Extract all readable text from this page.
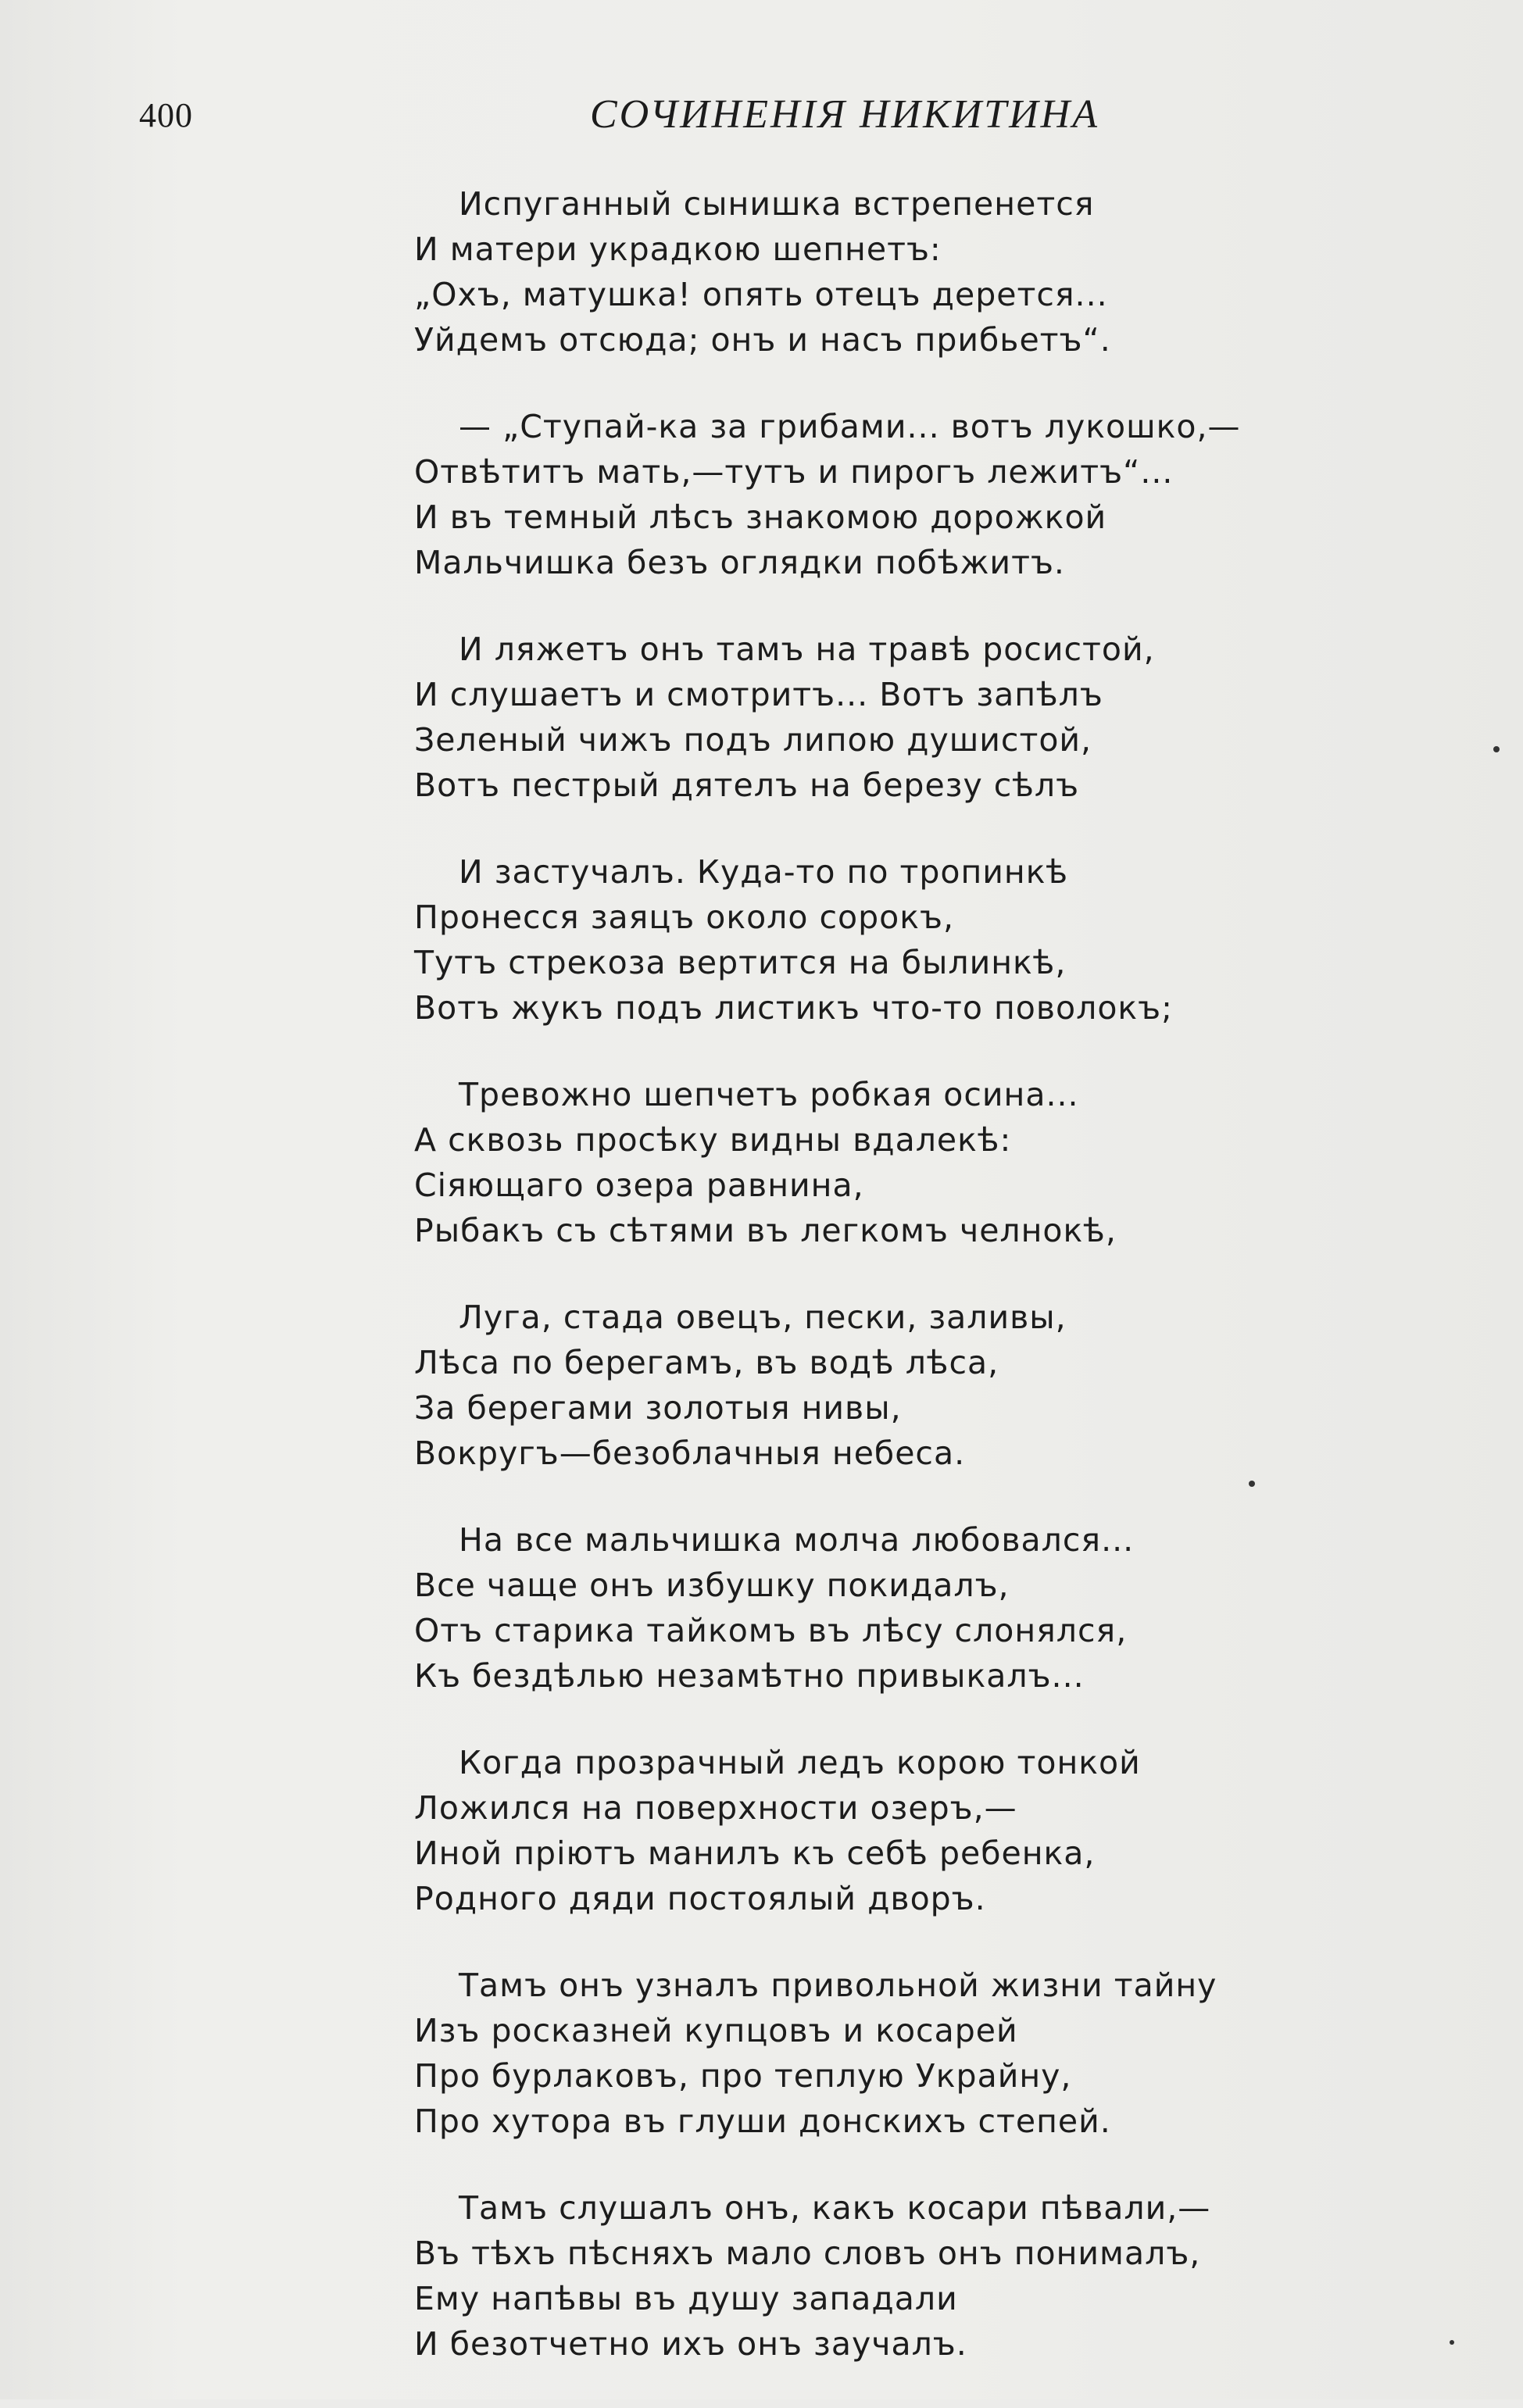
400	СОЧИНЕНІЯ НИКИТИНА
Испуганный сынишка встрепенется
И матери украдкою шепнетъ:
„Охъ, матушка! опять отецъ дерется...
Уйдемъ отсюда; онъ и насъ прибьетъ“.
— „Ступай-ка за грибами... вотъ лукошко,—
Отвѣтитъ мать,—тутъ и пирогъ лежитъ“...
И въ темный лѣсъ знакомою дорожкой
Мальчишка безъ оглядки побѣжитъ.
И ляжетъ онъ тамъ на травѣ росистой,
И слушаетъ и смотритъ... Вотъ запѣлъ
Зеленый чижъ подъ липою душистой,
Вотъ пестрый дятелъ на березу сѣлъ
И застучалъ. Куда-то по тропинкѣ
Пронесся заяцъ около сорокъ,
Тутъ стрекоза вертится на былинкѣ,
Вотъ жукъ подъ листикъ что-то поволокъ;
Тревожно шепчетъ робкая осина...
А сквозь просѣку видны вдалекѣ:
Сіяющаго озера равнина,
Рыбакъ съ сѣтями въ легкомъ челнокѣ,
Луга, стада овецъ, пески, заливы,
Лѣса по берегамъ, въ водѣ лѣса,
За берегами золотыя нивы,
Вокругъ—безоблачныя небеса.
На все мальчишка молча любовался...
Все чаще онъ избушку покидалъ,
Отъ старика тайкомъ въ лѣсу слонялся,
Къ бездѣлью незамѣтно привыкалъ...
Когда прозрачный ледъ корою тонкой
Ложился на поверхности озеръ,—
Иной пріютъ манилъ къ себѣ ребенка,
Родного дяди постоялый дворъ.
Тамъ онъ узналъ привольной жизни тайну
Изъ росказней купцовъ и косарей
Про бурлаковъ, про теплую Украйну,
Про хутора въ глуши донскихъ степей.
Тамъ слушалъ онъ, какъ косари пѣвали,—
Въ тѣхъ пѣсняхъ мало словъ онъ понималъ,
Ему напѣвы въ душу западали
И безотчетно ихъ онъ заучалъ.
